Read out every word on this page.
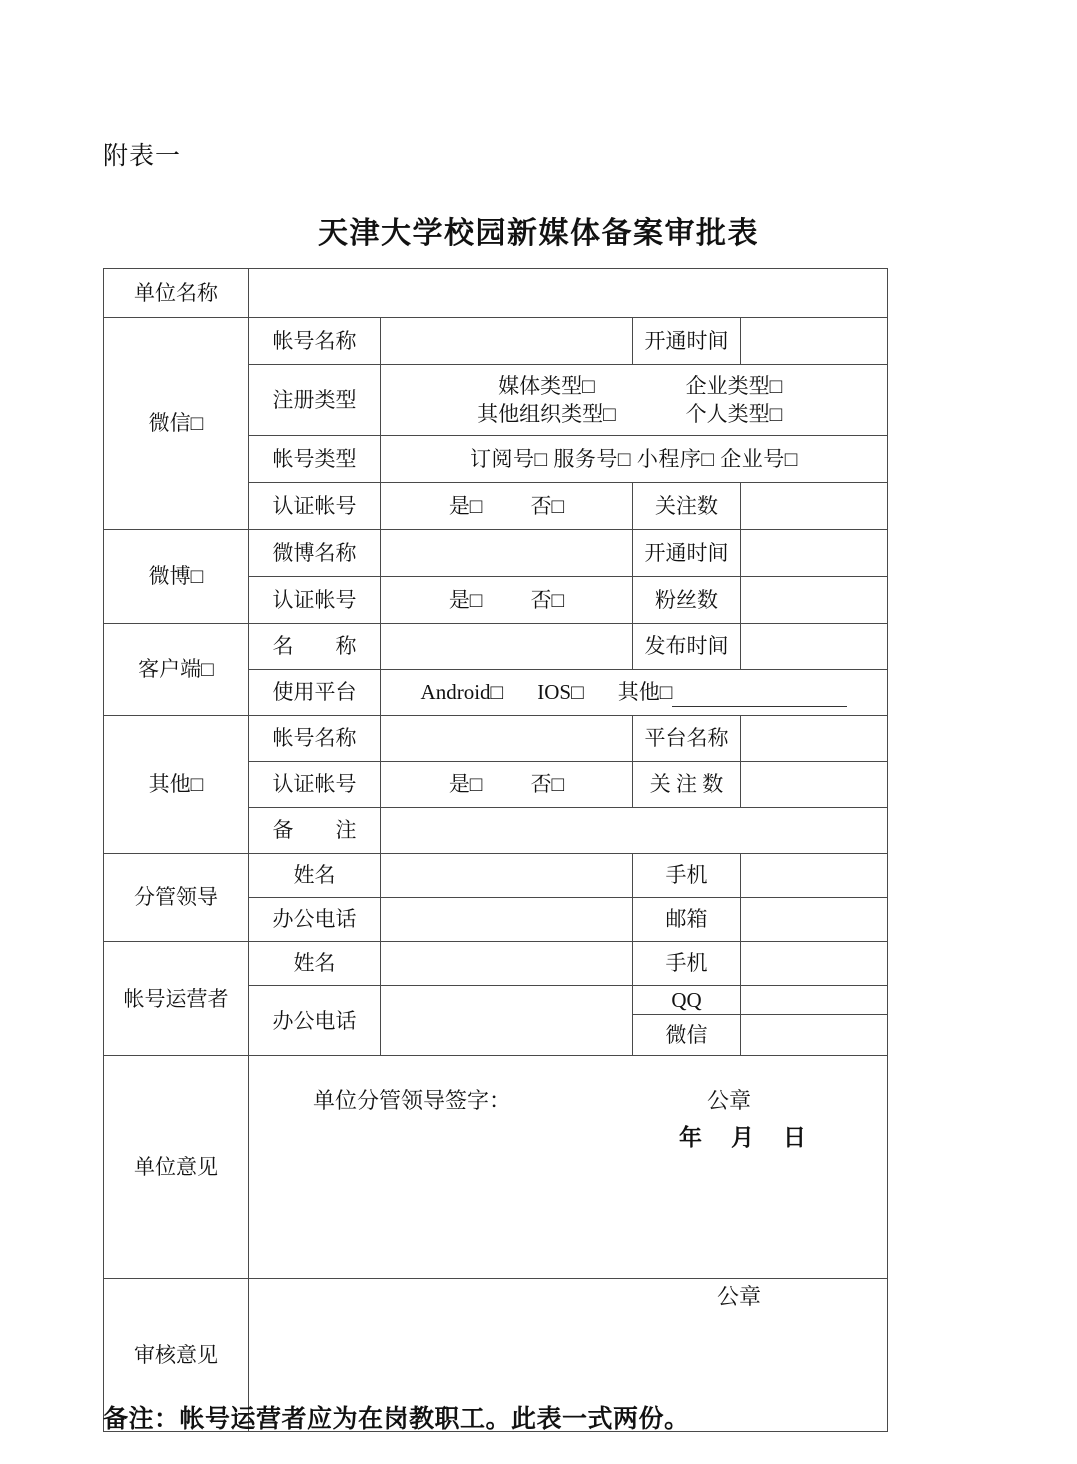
附表一
天津大学校园新媒体备案审批表
单位名称				
微信□	帐号名称		开通时间	
	注册类型	媒体类型□ 企业类型□
其他组织类型□ 个人类型□		

	帐号类型	订阅号□ 服务号□ 小程序□ 企业号□		
	认证帐号	是□ 否□	关注数	
微博□	微博名称		开通时间	
	认证帐号	是□ 否□	粉丝数	
客户端□	名　　称		发布时间	
	使用平台	Android□ IOS□ 其他□		
其他□	帐号名称		平台名称	
	认证帐号	是□ 否□	关 注 数	
	备　　注			
分管领导	姓名		手机	
	办公电话		邮箱	
帐号运营者	姓名		手机	
	办公电话		QQ	
			微信	
单位意见	单位分管领导签字： 公章
年 月 日			

审核意见	公章			
备注：帐号运营者应为在岗教职工。此表一式两份。
